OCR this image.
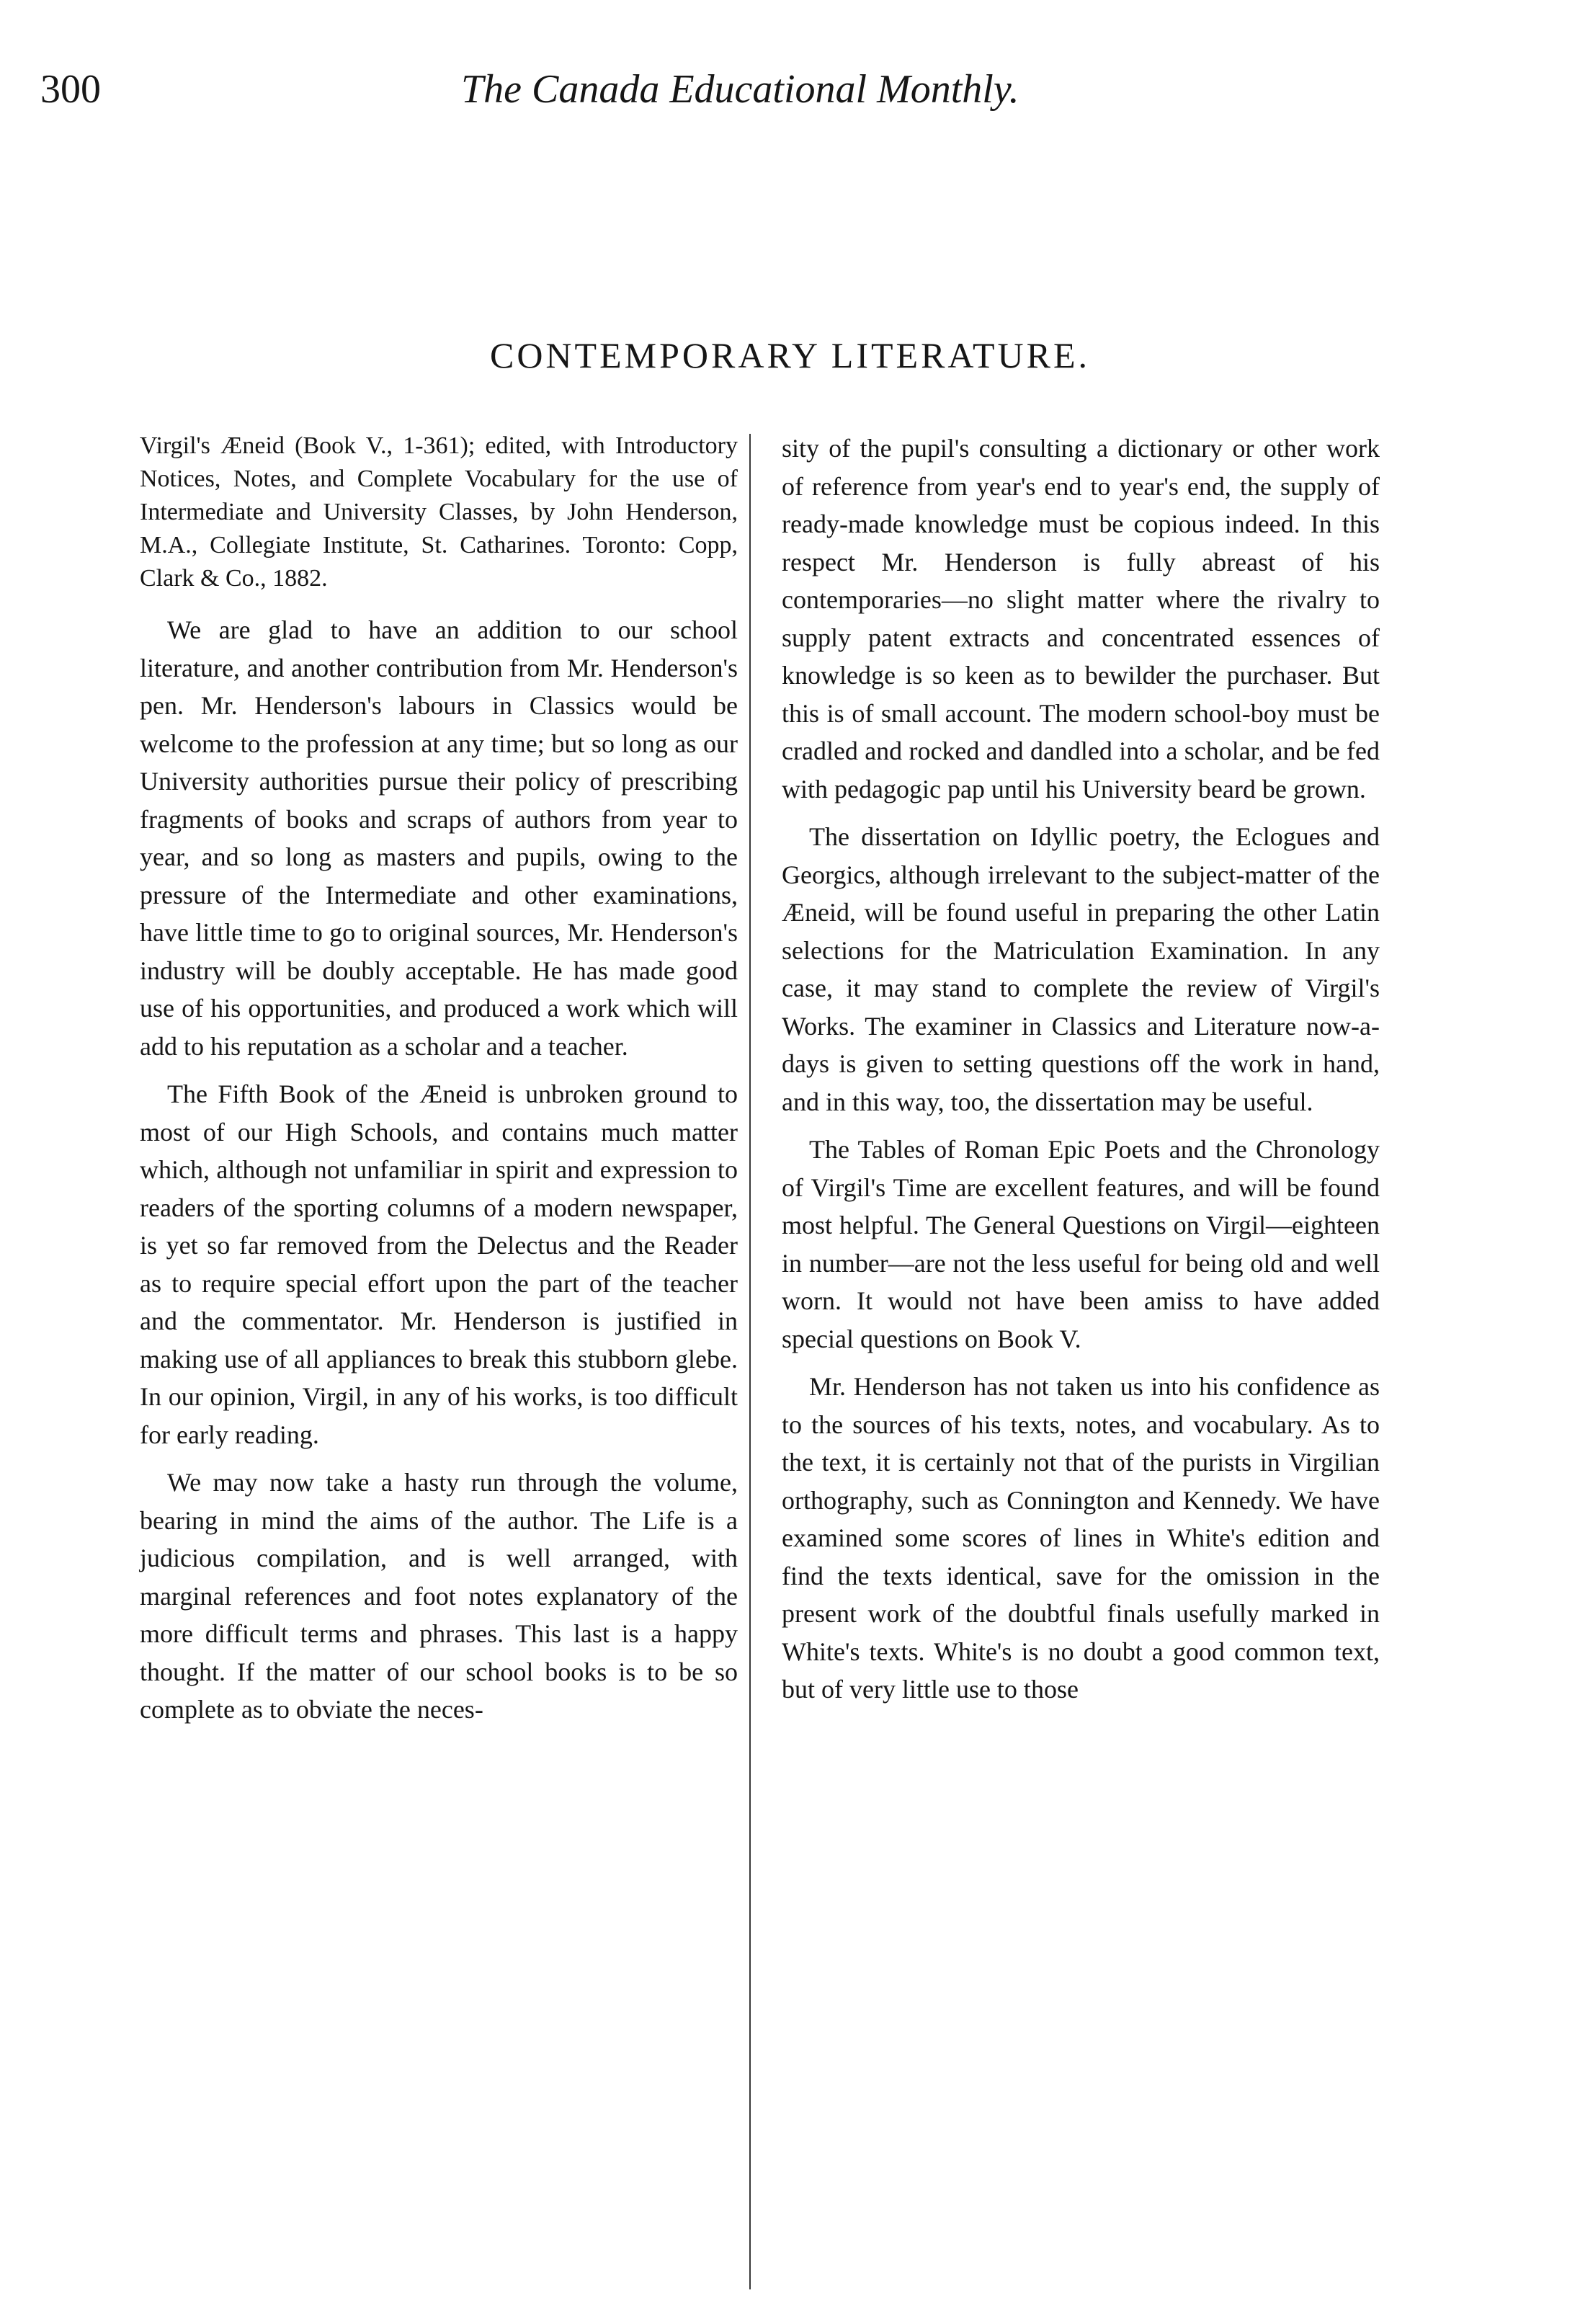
300	The Canada Educational Monthly.
CONTEMPORARY LITERATURE.

Virgil's Æneid (Book V., 1-361); edited, with Introductory Notices, Notes, and Complete Vocabulary for the use of Intermediate and University Classes, by John Henderson, M.A., Collegiate Institute, St. Catharines. Toronto: Copp, Clark & Co., 1882.

We are glad to have an addition to our school literature, and another contribution from Mr. Henderson's pen. Mr. Henderson's labours in Classics would be welcome to the profession at any time; but so long as our University authorities pursue their policy of prescribing fragments of books and scraps of authors from year to year, and so long as masters and pupils, owing to the pressure of the Intermediate and other examinations, have little time to go to original sources, Mr. Henderson's industry will be doubly acceptable. He has made good use of his opportunities, and produced a work which will add to his reputation as a scholar and a teacher.

The Fifth Book of the Æneid is unbroken ground to most of our High Schools, and contains much matter which, although not unfamiliar in spirit and expression to readers of the sporting columns of a modern newspaper, is yet so far removed from the Delectus and the Reader as to require special effort upon the part of the teacher and the commentator. Mr. Henderson is justified in making use of all appliances to break this stubborn glebe. In our opinion, Virgil, in any of his works, is too difficult for early reading.

We may now take a hasty run through the volume, bearing in mind the aims of the author. The Life is a judicious compilation, and is well arranged, with marginal references and foot notes explanatory of the more difficult terms and phrases. This last is a happy thought. If the matter of our school books is to be so complete as to obviate the neces-

sity of the pupil's consulting a dictionary or other work of reference from year's end to year's end, the supply of ready-made knowledge must be copious indeed. In this respect Mr. Henderson is fully abreast of his contemporaries—no slight matter where the rivalry to supply patent extracts and concentrated essences of knowledge is so keen as to bewilder the purchaser. But this is of small account. The modern school-boy must be cradled and rocked and dandled into a scholar, and be fed with pedagogic pap until his University beard be grown.

The dissertation on Idyllic poetry, the Eclogues and Georgics, although irrelevant to the subject-matter of the Æneid, will be found useful in preparing the other Latin selections for the Matriculation Examination. In any case, it may stand to complete the review of Virgil's Works. The examiner in Classics and Literature now-a-days is given to setting questions off the work in hand, and in this way, too, the dissertation may be useful.

The Tables of Roman Epic Poets and the Chronology of Virgil's Time are excellent features, and will be found most helpful. The General Questions on Virgil—eighteen in number—are not the less useful for being old and well worn. It would not have been amiss to have added special questions on Book V.

Mr. Henderson has not taken us into his confidence as to the sources of his texts, notes, and vocabulary. As to the text, it is certainly not that of the purists in Virgilian orthography, such as Connington and Kennedy. We have examined some scores of lines in White's edition and find the texts identical, save for the omission in the present work of the doubtful finals usefully marked in White's texts. White's is no doubt a good common text, but of very little use to those
